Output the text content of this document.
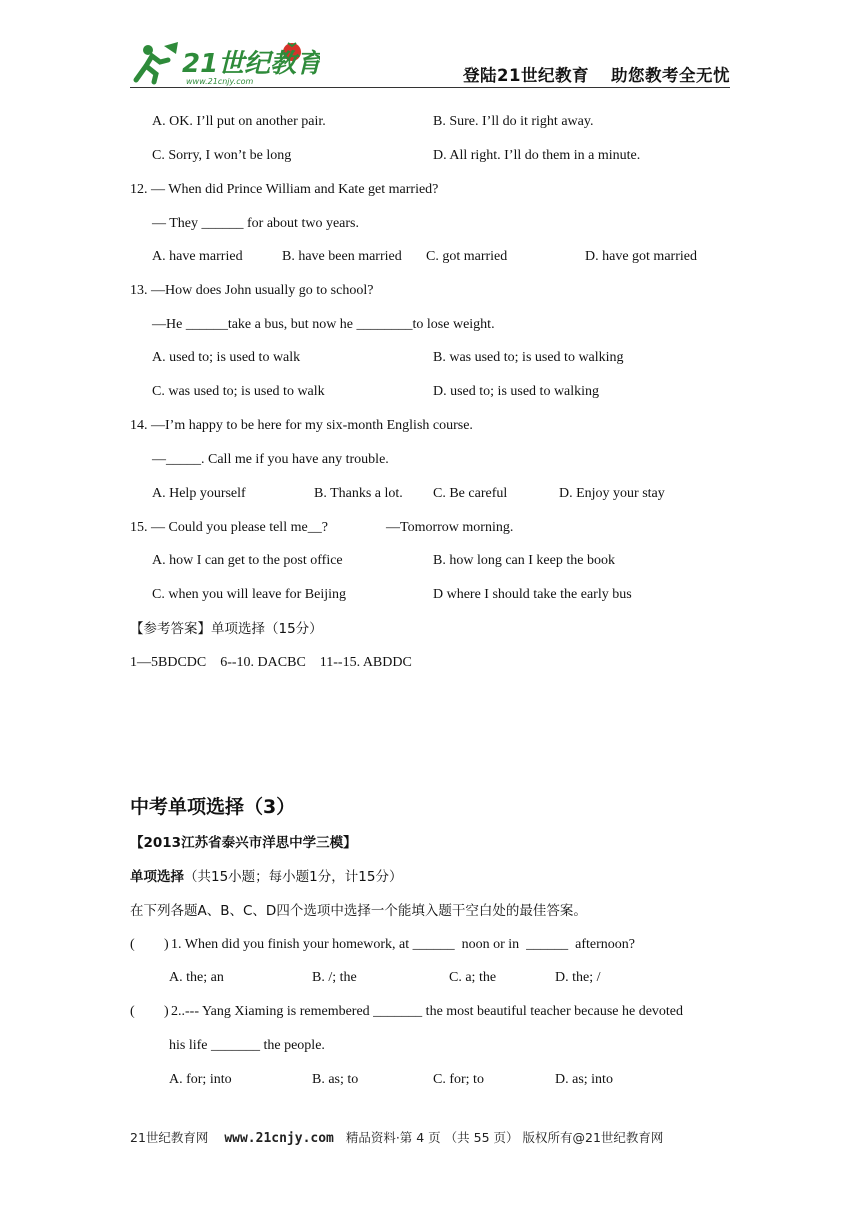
21世纪教育
www.21cnjy.com	登陆21世纪教育 助您教考全无忧
A. OK. I’ll put on another pair.	B. Sure. I’ll do it right away.
C. Sorry, I won’t be long	D. All right. I’ll do them in a minute.
12. — When did Prince William and Kate get married?
— They ______ for about two years.
A. have married	B. have been married C. got married	D. have got married
13. —How does John usually go to school?
—He ______take a bus, but now he ________to lose weight.
A. used to; is used to walk	B. was used to; is used to walking
C. was used to; is used to walk	D. used to; is used to walking
14. —I’m happy to be here for my six-month English course.
—_____. Call me if you have any trouble.
A. Help yourself	B. Thanks a lot. C. Be careful	D. Enjoy your stay
15. — Could you please tell me__?	—Tomorrow morning.
A. how I can get to the post office	B. how long can I keep the book
C. when you will leave for Beijing	D where I should take the early bus
【参考答案】单项选择（15分）
1—5BDCDC    6--10. DACBC    11--15. ABDDC
中考单项选择（3）
【2013江苏省泰兴市洋思中学三模】
单项选择（共15小题；每小题1分，计15分）
在下列各题A、B、C、D四个选项中选择一个能填入题干空白处的最佳答案。
( ) 1. When did you finish your homework, at ______  noon or in  ______  afternoon?
A. the; an	B. /; the	C. a; the	D. the; /
( ) 2..--- Yang Xiaming is remembered _______ the most beautiful teacher because he devoted
his life _______ the people.
A. for; into	B. as; to	C. for; to	D. as; into
21世纪教育网 www.21cnjy.com 精品资料·第 4 页 （共 55 页） 版权所有@21世纪教育网
